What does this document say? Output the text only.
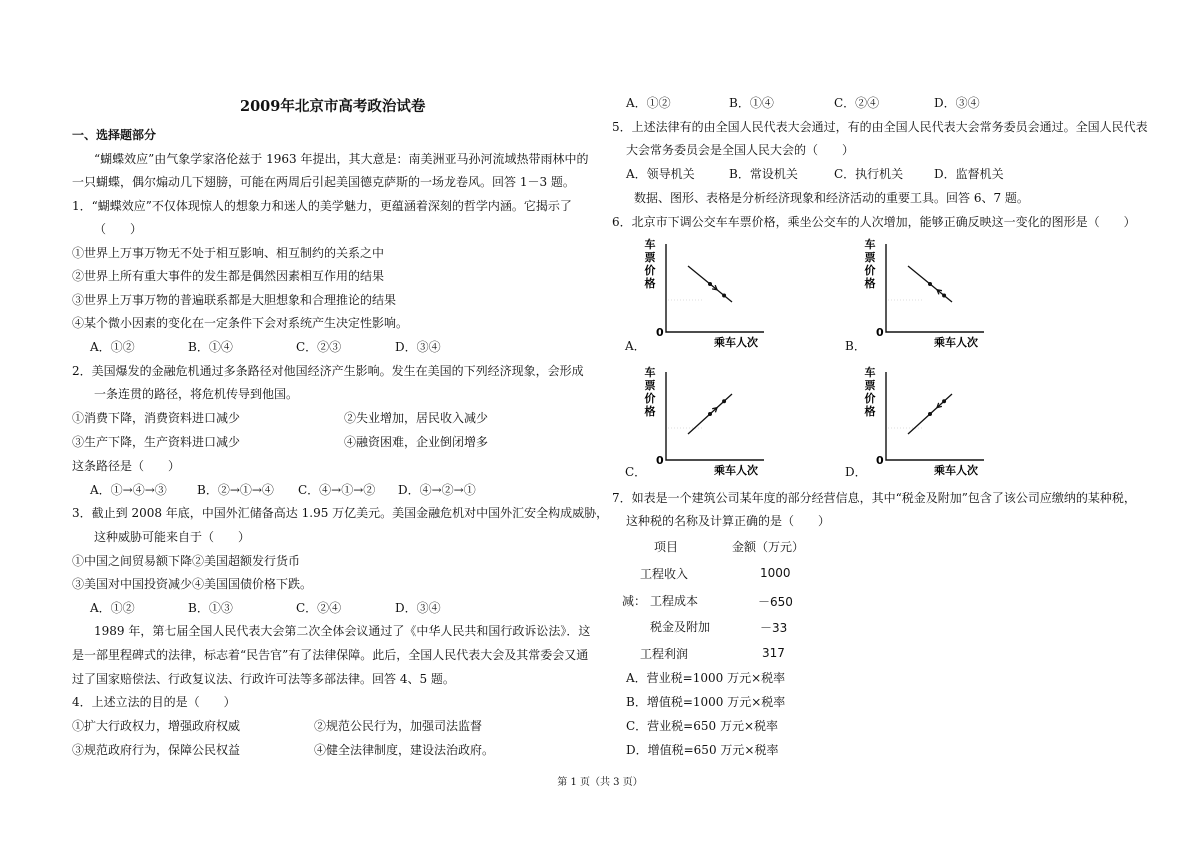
2009年北京市高考政治试卷
一、选择题部分
“蝴蝶效应”由气象学家洛伦兹于 1963 年提出，其大意是：南美洲亚马孙河流域热带雨林中的
一只蝴蝶，偶尔煽动几下翅膀，可能在两周后引起美国德克萨斯的一场龙卷风。回答 1－3 题。
1．“蝴蝶效应”不仅体现惊人的想象力和迷人的美学魅力，更蕴涵着深刻的哲学内涵。它揭示了
（　　）
①世界上万事万物无不处于相互影响、相互制约的关系之中
②世界上所有重大事件的发生都是偶然因素相互作用的结果
③世界上万事万物的普遍联系都是大胆想象和合理推论的结果
④某个微小因素的变化在一定条件下会对系统产生决定性影响。
A．①②	B．①④	C．②③	D．③④
2．美国爆发的金融危机通过多条路径对他国经济产生影响。发生在美国的下列经济现象，会形成
一条连贯的路径，将危机传导到他国。
①消费下降，消费资料进口减少	②失业增加，居民收入减少
③生产下降，生产资料进口减少	④融资困难，企业倒闭增多
这条路径是（　　）
A．①→④→③	B．②→①→④ C．④→①→② D．④→②→①
3．截止到 2008 年底，中国外汇储备高达 1.95 万亿美元。美国金融危机对中国外汇安全构成威胁，
这种威胁可能来自于（　　）
①中国之间贸易额下降②美国超额发行货币
③美国对中国投资减少④美国国债价格下跌。
A．①②	B．①③	C．②④	D．③④
1989 年，第七届全国人民代表大会第二次全体会议通过了《中华人民共和国行政诉讼法》．这
是一部里程碑式的法律，标志着“民告官”有了法律保障。此后，全国人民代表大会及其常委会又通
过了国家赔偿法、行政复议法、行政许可法等多部法律。回答 4、5 题。
4．上述立法的目的是（　　）
①扩大行政权力，增强政府权威	②规范公民行为，加强司法监督
③规范政府行为，保障公民权益	④健全法律制度，建设法治政府。
A．①②	B．①④	C．②④	D．③④
5．上述法律有的由全国人民代表大会通过，有的由全国人民代表大会常务委员会通过。全国人民代表
大会常务委员会是全国人民大会的（　　）
A．领导机关	B．常设机关	C．执行机关	D．监督机关
数据、图形、表格是分析经济现象和经济活动的重要工具。回答 6、7 题。
6．北京市下调公交车车票价格，乘坐公交车的人次增加，能够正确反映这一变化的图形是（　　）
车
票
价
格
0
乘车人次
A．
车
票
价
格
0
乘车人次
B．
车
票
价
格
0
乘车人次
C．
车
票
价
格
0
乘车人次
D．
7．如表是一个建筑公司某年度的部分经营信息，其中“税金及附加”包含了该公司应缴纳的某种税，
这种税的名称及计算正确的是（　　）
项目	金额（万元）
工程收入	1000
减： 工程成本	－650
税金及附加	－33
工程利润	317
A．营业税=1000 万元×税率
B．增值税=1000 万元×税率
C．营业税=650 万元×税率
D．增值税=650 万元×税率
第 1 页（共 3 页）
